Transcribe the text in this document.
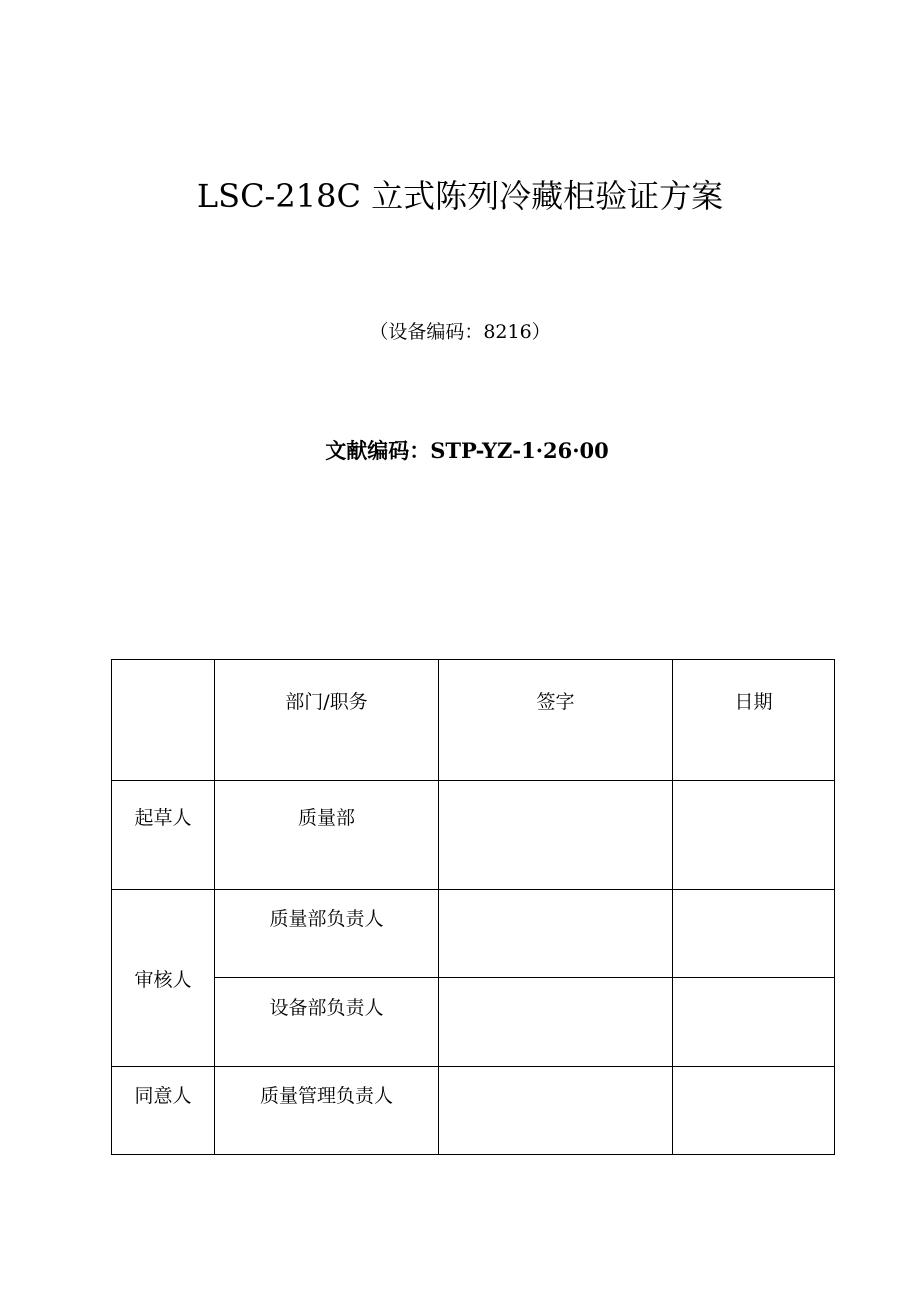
LSC-218C 立式陈列冷藏柜验证方案
（设备编码：8216）
文献编码：STP-YZ-1·26·00
	部门/职务	签字	日期
起草人	质量部		
审核人	质量部负责人		
	设备部负责人		
同意人	质量管理负责人		
